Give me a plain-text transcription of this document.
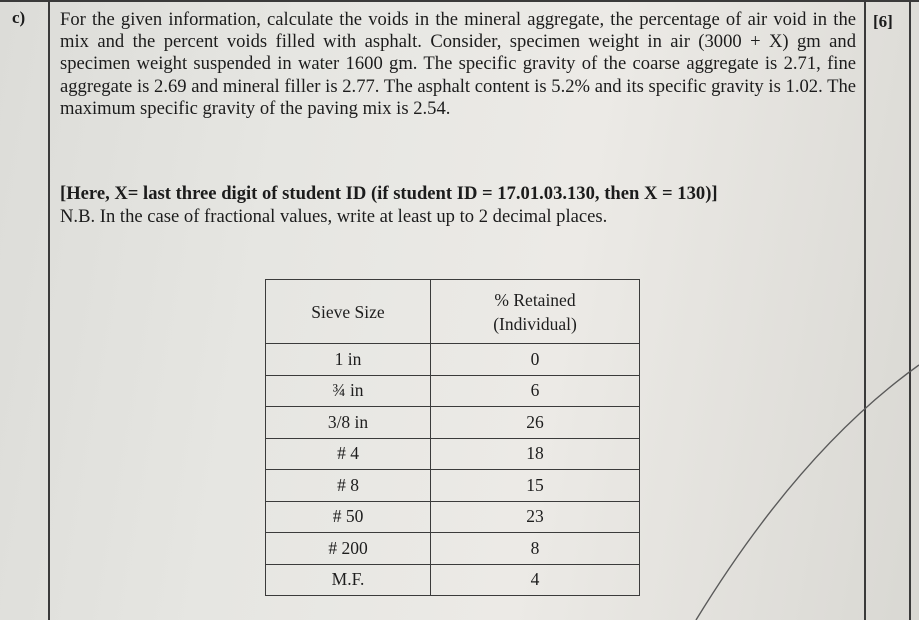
c)	[6]

For the given information, calculate the voids in the mineral aggregate, the percentage of air void in the mix and the percent voids filled with asphalt. Consider, specimen weight in air (3000 + X) gm and specimen weight suspended in water 1600 gm. The specific gravity of the coarse aggregate is 2.71, fine aggregate is 2.69 and mineral filler is 2.77. The asphalt content is 5.2% and its specific gravity is 1.02. The maximum specific gravity of the paving mix is 2.54.

[Here, X= last three digit of student ID (if student ID = 17.01.03.130, then X = 130)]
N.B. In the case of fractional values, write at least up to 2 decimal places.
Sieve Size	% Retained (Individual)
1 in	0
¾ in	6
3/8 in	26
# 4	18
# 8	15
# 50	23
# 200	8
M.F.	4
